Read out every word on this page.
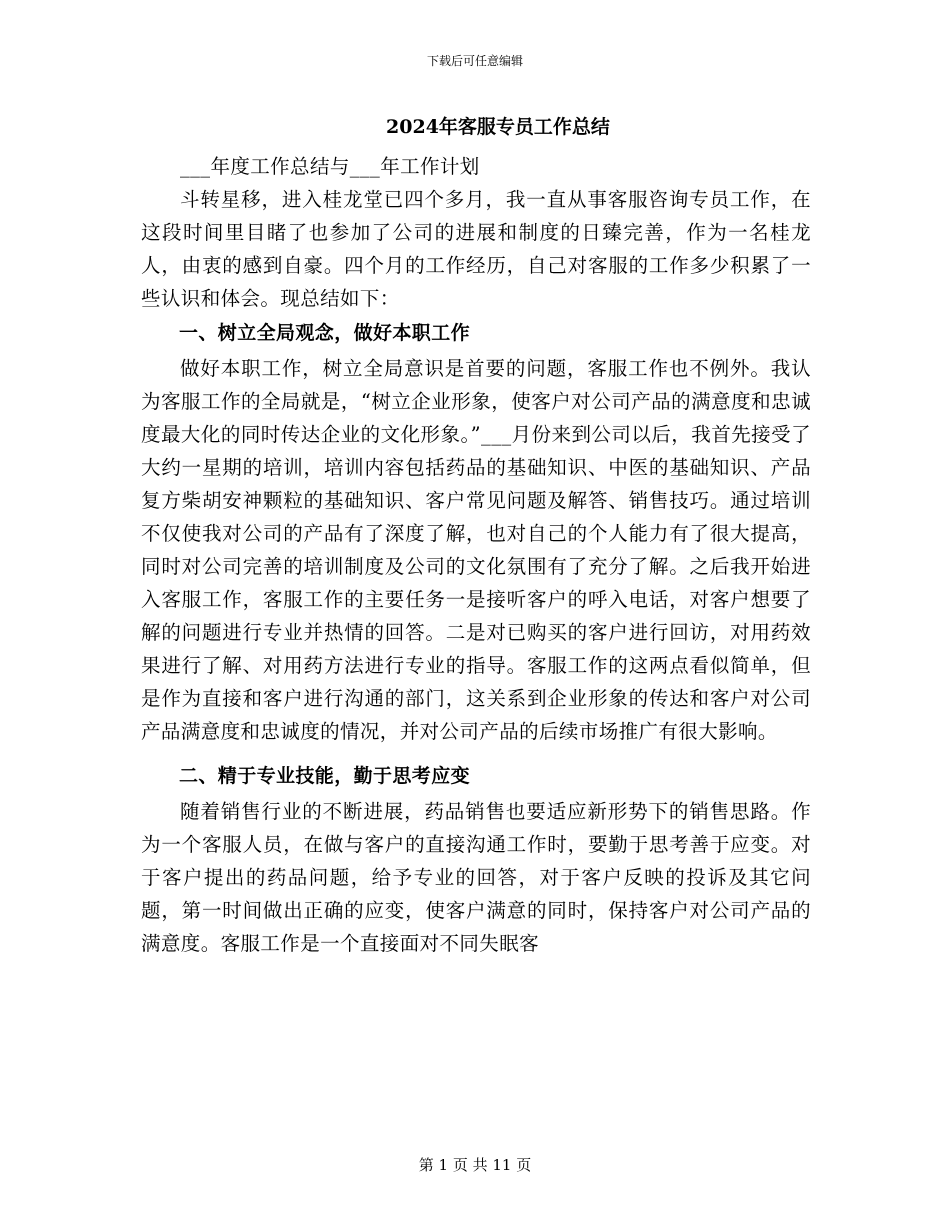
下载后可任意编辑
2024年客服专员工作总结

___年度工作总结与___年工作计划

斗转星移，进入桂龙堂已四个多月，我一直从事客服咨询专员工作，在这段时间里目睹了也参加了公司的进展和制度的日臻完善，作为一名桂龙人，由衷的感到自豪。四个月的工作经历，自己对客服的工作多少积累了一些认识和体会。现总结如下：

一、树立全局观念，做好本职工作

做好本职工作，树立全局意识是首要的问题，客服工作也不例外。我认为客服工作的全局就是，“树立企业形象，使客户对公司产品的满意度和忠诚度最大化的同时传达企业的文化形象。”___月份来到公司以后，我首先接受了大约一星期的培训，培训内容包括药品的基础知识、中医的基础知识、产品复方柴胡安神颗粒的基础知识、客户常见问题及解答、销售技巧。通过培训不仅使我对公司的产品有了深度了解，也对自己的个人能力有了很大提高，同时对公司完善的培训制度及公司的文化氛围有了充分了解。之后我开始进入客服工作，客服工作的主要任务一是接听客户的呼入电话，对客户想要了解的问题进行专业并热情的回答。二是对已购买的客户进行回访，对用药效果进行了解、对用药方法进行专业的指导。客服工作的这两点看似简单，但是作为直接和客户进行沟通的部门，这关系到企业形象的传达和客户对公司产品满意度和忠诚度的情况，并对公司产品的后续市场推广有很大影响。

二、精于专业技能，勤于思考应变

随着销售行业的不断进展，药品销售也要适应新形势下的销售思路。作为一个客服人员，在做与客户的直接沟通工作时，要勤于思考善于应变。对于客户提出的药品问题，给予专业的回答，对于客户反映的投诉及其它问题，第一时间做出正确的应变，使客户满意的同时，保持客户对公司产品的满意度。客服工作是一个直接面对不同失眠客

第 1 页 共 11 页
